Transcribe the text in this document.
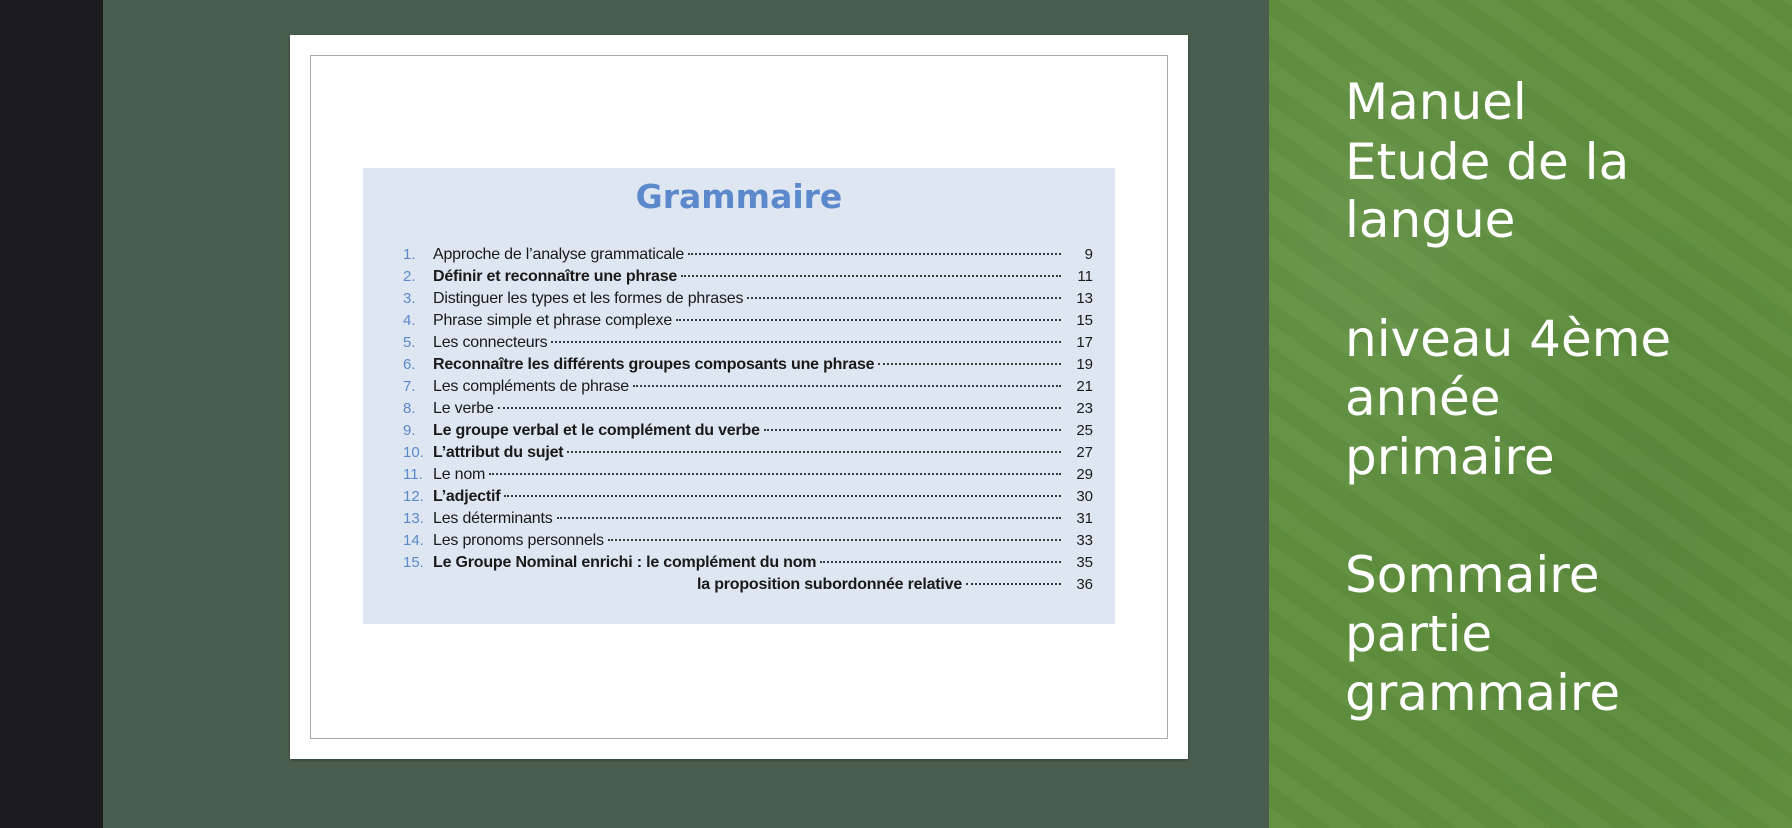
Grammaire
1.	Approche de l’analyse grammaticale	9
2.	Définir et reconnaître une phrase	11
3.	Distinguer les types et les formes de phrases	13
4.	Phrase simple et phrase complexe	15
5.	Les connecteurs	17
6.	Reconnaître les différents groupes composants une phrase	19
7.	Les compléments de phrase	21
8.	Le verbe	23
9.	Le groupe verbal et le complément du verbe	25
10. L’attribut du sujet	27
11. Le nom	29
12. L’adjectif	30
13. Les déterminants	31
14. Les pronoms personnels	33
15. Le Groupe Nominal enrichi : le complément du nom	35
la proposition subordonnée relative	36

Manuel

Etude de la

langue

niveau 4ème

année

primaire

Sommaire

partie

grammaire
